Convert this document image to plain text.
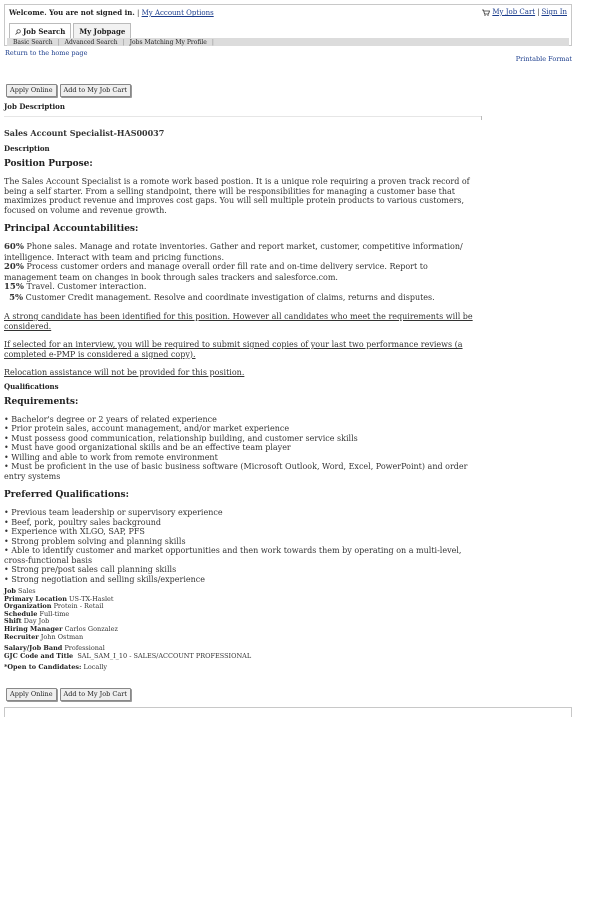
Welcome. You are not signed in. | My Account Options	My Job Cart | Sign In
Job Search My Jobpage
Basic Search | Advanced Search | Jobs Matching My Profile |
Return to the home page
Printable Format
Apply Online	Add to My Job Cart
Job Description
Sales Account Specialist-HAS00037
Description
Position Purpose:

The Sales Account Specialist is a romote work based postion. It is a unique role requiring a proven track record of being a self starter. From a selling standpoint, there will be responsibilities for managing a customer base that maximizes product revenue and improves cost gaps. You will sell multiple protein products to various customers, focused on volume and revenue growth.

Principal Accountabilities:
60% Phone sales. Manage and rotate inventories. Gather and report market, customer, competitive information/ intelligence. Interact with team and pricing functions.
20% Process customer orders and manage overall order fill rate and on-time delivery service. Report to management team on changes in book through sales trackers and salesforce.com.
15% Travel. Customer interaction.
5% Customer Credit management. Resolve and coordinate investigation of claims, returns and disputes.
A strong candidate has been identified for this position. However all candidates who meet the requirements will be considered.
If selected for an interview, you will be required to submit signed copies of your last two performance reviews (a completed e-PMP is considered a signed copy).
Relocation assistance will not be provided for this position.
Qualifications
Requirements:
• Bachelor's degree or 2 years of related experience
• Prior protein sales, account management, and/or market experience
• Must possess good communication, relationship building, and customer service skills
• Must have good organizational skills and be an effective team player
• Willing and able to work from remote environment
• Must be proficient in the use of basic business software (Microsoft Outlook, Word, Excel, PowerPoint) and order entry systems
Preferred Qualifications:
• Previous team leadership or supervisory experience
• Beef, pork, poultry sales background
• Experience with XLGO, SAP, PFS
• Strong problem solving and planning skills
• Able to identify customer and market opportunities and then work towards them by operating on a multi-level, cross-functional basis
• Strong pre/post sales call planning skills
• Strong negotiation and selling skills/experience
Job Sales
Primary Location US-TX-Haslet
Organization Protein - Retail
Schedule Full-time
Shift Day Job
Hiring Manager Carlos Gonzalez
Recruiter John Ostman
Salary/Job Band Professional
GJC Code and Title SAL_SAM_I_10 - SALES/ACCOUNT PROFESSIONAL
*Open to Candidates: Locally
Apply Online	Add to My Job Cart
